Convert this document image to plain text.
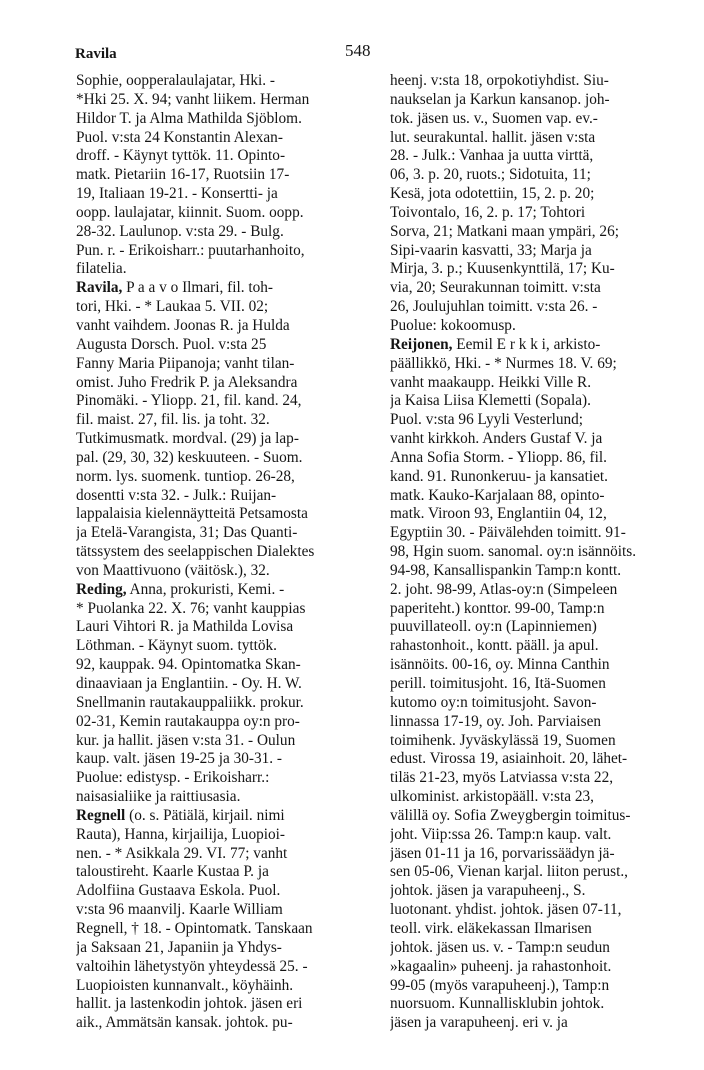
Ravila	548
Sophie, oopperalaulajatar, Hki. -
*Hki 25. X. 94; vanht liikem. Herman
Hildor T. ja Alma Mathilda Sjöblom.
Puol. v:sta 24 Konstantin Alexan-
droff. - Käynyt tyttök. 11. Opinto-
matk. Pietariin 16-17, Ruotsiin 17-
19, Italiaan 19-21. - Konsertti- ja
oopp. laulajatar, kiinnit. Suom. oopp.
28-32. Laulunop. v:sta 29. - Bulg.
Pun. r. - Erikoisharr.: puutarhanhoito,
filatelia.
Ravila, P a a v o Ilmari, fil. toh-
tori, Hki. - * Laukaa 5. VII. 02;
vanht vaihdem. Joonas R. ja Hulda
Augusta Dorsch. Puol. v:sta 25
Fanny Maria Piipanoja; vanht tilan-
omist. Juho Fredrik P. ja Aleksandra
Pinomäki. - Yliopp. 21, fil. kand. 24,
fil. maist. 27, fil. lis. ja toht. 32.
Tutkimusmatk. mordval. (29) ja lap-
pal. (29, 30, 32) keskuuteen. - Suom.
norm. lys. suomenk. tuntiop. 26-28,
dosentti v:sta 32. - Julk.: Ruijan-
lappalaisia kielennäytteitä Petsamosta
ja Etelä-Varangista, 31; Das Quanti-
tätssystem des seelappischen Dialektes
von Maattivuono (väitösk.), 32.
Reding, Anna, prokuristi, Kemi. -
* Puolanka 22. X. 76; vanht kauppias
Lauri Vihtori R. ja Mathilda Lovisa
Löthman. - Käynyt suom. tyttök.
92, kauppak. 94. Opintomatka Skan-
dinaaviaan ja Englantiin. - Oy. H. W.
Snellmanin rautakauppaliikk. prokur.
02-31, Kemin rautakauppa oy:n pro-
kur. ja hallit. jäsen v:sta 31. - Oulun
kaup. valt. jäsen 19-25 ja 30-31. -
Puolue: edistysp. - Erikoisharr.:
naisasialiike ja raittiusasia.
Regnell (o. s. Pätiälä, kirjail. nimi
Rauta), Hanna, kirjailija, Luopioi-
nen. - * Asikkala 29. VI. 77; vanht
taloustireht. Kaarle Kustaa P. ja
Adolfiina Gustaava Eskola. Puol.
v:sta 96 maanvilj. Kaarle William
Regnell, † 18. - Opintomatk. Tanskaan
ja Saksaan 21, Japaniin ja Yhdys-
valtoihin lähetystyön yhteydessä 25. -
Luopioisten kunnanvalt., köyhäinh.
hallit. ja lastenkodin johtok. jäsen eri
aik., Ammätsän kansak. johtok. pu-
heenj. v:sta 18, orpokotiyhdist. Siu-
naukselan ja Karkun kansanop. joh-
tok. jäsen us. v., Suomen vap. ev.-
lut. seurakuntal. hallit. jäsen v:sta
28. - Julk.: Vanhaa ja uutta virttä,
06, 3. p. 20, ruots.; Sidotuita, 11;
Kesä, jota odotettiin, 15, 2. p. 20;
Toivontalo, 16, 2. p. 17; Tohtori
Sorva, 21; Matkani maan ympäri, 26;
Sipi-vaarin kasvatti, 33; Marja ja
Mirja, 3. p.; Kuusenkynttilä, 17; Ku-
via, 20; Seurakunnan toimitt. v:sta
26, Joulujuhlan toimitt. v:sta 26. -
Puolue: kokoomusp.
Reijonen, Eemil E r k k i, arkisto-
päällikkö, Hki. - * Nurmes 18. V. 69;
vanht maakaupp. Heikki Ville R.
ja Kaisa Liisa Klemetti (Sopala).
Puol. v:sta 96 Lyyli Vesterlund;
vanht kirkkoh. Anders Gustaf V. ja
Anna Sofia Storm. - Yliopp. 86, fil.
kand. 91. Runonkeruu- ja kansatiet.
matk. Kauko-Karjalaan 88, opinto-
matk. Viroon 93, Englantiin 04, 12,
Egyptiin 30. - Päivälehden toimitt. 91-
98, Hgin suom. sanomal. oy:n isännöits.
94-98, Kansallispankin Tamp:n kontt.
2. joht. 98-99, Atlas-oy:n (Simpeleen
paperiteht.) konttor. 99-00, Tamp:n
puuvillateoll. oy:n (Lapinniemen)
rahastonhoit., kontt. pääll. ja apul.
isännöits. 00-16, oy. Minna Canthin
perill. toimitusjoht. 16, Itä-Suomen
kutomo oy:n toimitusjoht. Savon-
linnassa 17-19, oy. Joh. Parviaisen
toimihenk. Jyväskylässä 19, Suomen
edust. Virossa 19, asiainhoit. 20, lähet-
tiläs 21-23, myös Latviassa v:sta 22,
ulkominist. arkistopääll. v:sta 23,
välillä oy. Sofia Zweygbergin toimitus-
joht. Viip:ssa 26. Tamp:n kaup. valt.
jäsen 01-11 ja 16, porvarissäädyn jä-
sen 05-06, Vienan karjal. liiton perust.,
johtok. jäsen ja varapuheenj., S.
luotonant. yhdist. johtok. jäsen 07-11,
teoll. virk. eläkekassan Ilmarisen
johtok. jäsen us. v. - Tamp:n seudun
»kagaalin» puheenj. ja rahastonhoit.
99-05 (myös varapuheenj.), Tamp:n
nuorsuom. Kunnallisklubin johtok.
jäsen ja varapuheenj. eri v. ja
